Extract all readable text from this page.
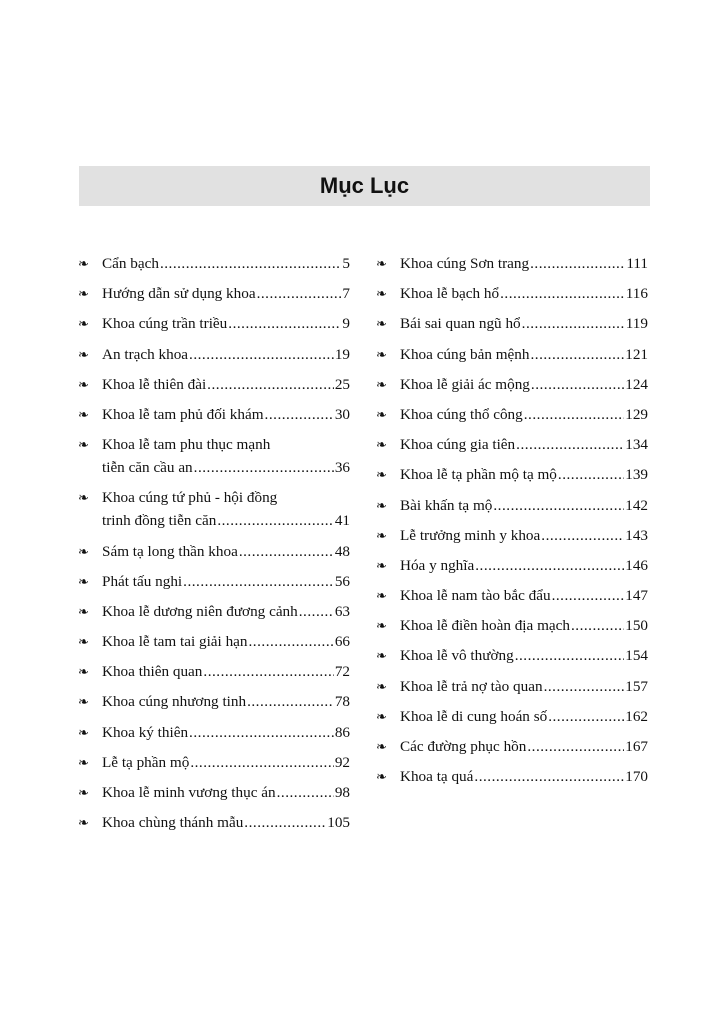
Mục Lục
❧ Cẩn bạch .....	5
❧ Hướng dẫn sử dụng khoa .....	7
❧ Khoa cúng trần triều .....	9
❧ An trạch khoa .....	19
❧ Khoa lễ thiên đài .....	25
❧ Khoa lễ tam phủ đối khám .....	30
❧ Khoa lễ tam phu thục mạnh
tiễn căn cầu an .....	36
❧ Khoa cúng tứ phủ - hội đồng
trinh đồng tiễn căn .....	41
❧ Sám tạ long thần khoa .....	48
❧ Phát tấu nghi .....	56
❧ Khoa lễ dương niên đương cảnh ..... 63
❧ Khoa lễ tam tai giải hạn .....	66
❧ Khoa thiên quan .....	72
❧ Khoa cúng nhương tinh .....	78
❧ Khoa ký thiên .....	86
❧ Lễ tạ phần mộ .....	92
❧ Khoa lễ minh vương thục án .....	98
❧ Khoa chùng thánh mẫu .....	105
❧ Khoa cúng Sơn trang .....	111
❧ Khoa lễ bạch hổ .....	116
❧ Bái sai quan ngũ hổ .....	119
❧ Khoa cúng bản mệnh .....	121
❧ Khoa lễ giải ác mộng .....	124
❧ Khoa cúng thổ công .....	129
❧ Khoa cúng gia tiên .....	134
❧ Khoa lễ tạ phần mộ tạ mộ .....	139
❧ Bài khấn tạ mộ .....	142
❧ Lễ trưởng minh y khoa .....	143
❧ Hóa y nghĩa .....	146
❧ Khoa lễ nam tào bắc đẩu .....	147
❧ Khoa lễ điền hoàn địa mạch .....	150
❧ Khoa lễ vô thường .....	154
❧ Khoa lễ trả nợ tào quan .....	157
❧ Khoa lễ di cung hoán số .....	162
❧ Các đường phục hồn .....	167
❧ Khoa tạ quá .....	170
